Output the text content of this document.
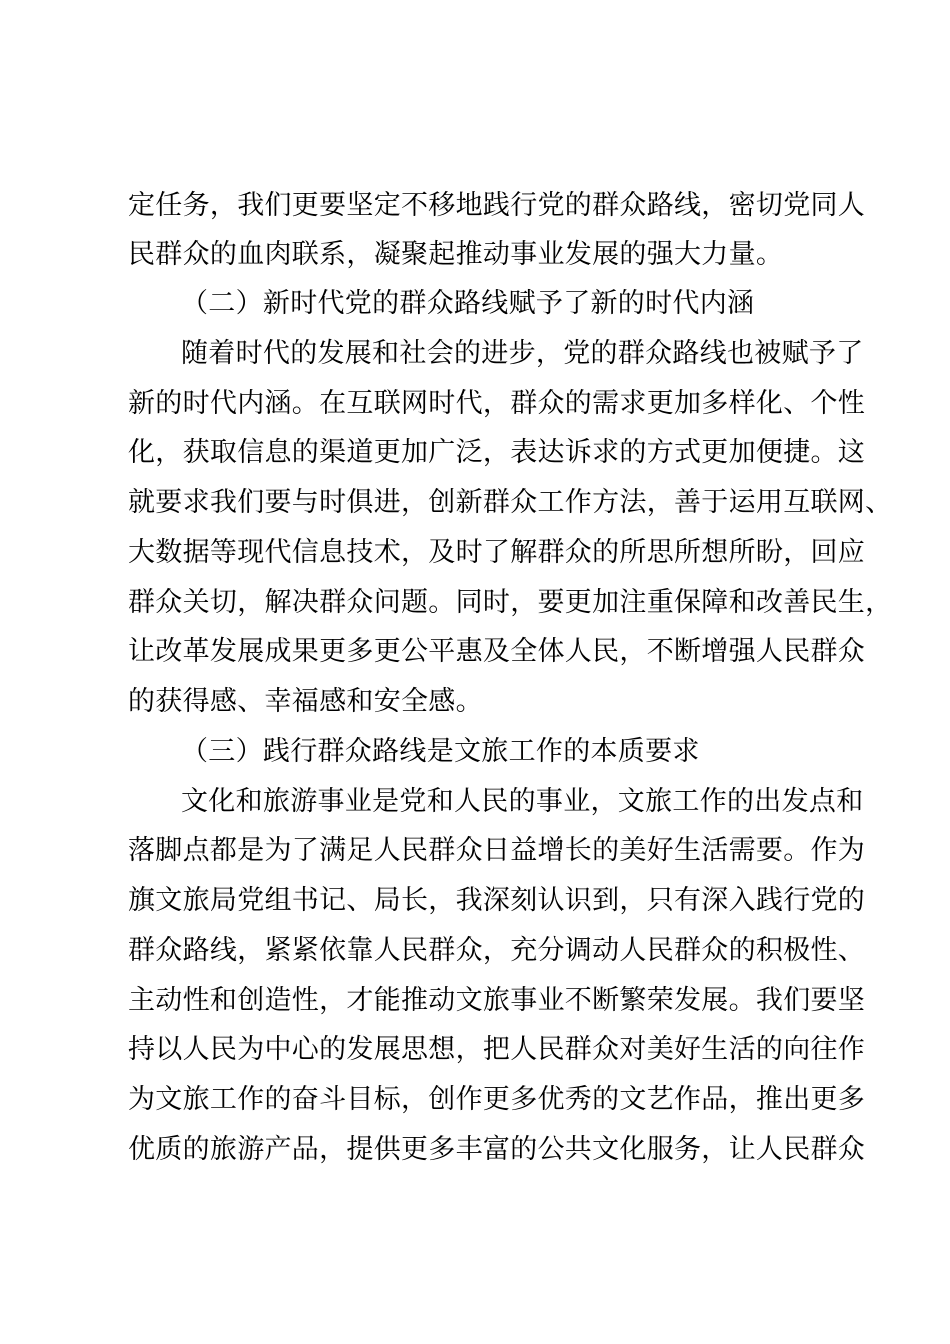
定任务，我们更要坚定不移地践行党的群众路线，密切党同人
民群众的血肉联系，凝聚起推动事业发展的强大力量。
（二）新时代党的群众路线赋予了新的时代内涵
随着时代的发展和社会的进步，党的群众路线也被赋予了
新的时代内涵。在互联网时代，群众的需求更加多样化、个性
化，获取信息的渠道更加广泛，表达诉求的方式更加便捷。这
就要求我们要与时俱进，创新群众工作方法，善于运用互联网、
大数据等现代信息技术，及时了解群众的所思所想所盼，回应
群众关切，解决群众问题。同时，要更加注重保障和改善民生，
让改革发展成果更多更公平惠及全体人民，不断增强人民群众
的获得感、幸福感和安全感。
（三）践行群众路线是文旅工作的本质要求
文化和旅游事业是党和人民的事业，文旅工作的出发点和
落脚点都是为了满足人民群众日益增长的美好生活需要。作为
旗文旅局党组书记、局长，我深刻认识到，只有深入践行党的
群众路线，紧紧依靠人民群众，充分调动人民群众的积极性、
主动性和创造性，才能推动文旅事业不断繁荣发展。我们要坚
持以人民为中心的发展思想，把人民群众对美好生活的向往作
为文旅工作的奋斗目标，创作更多优秀的文艺作品，推出更多
优质的旅游产品，提供更多丰富的公共文化服务，让人民群众
